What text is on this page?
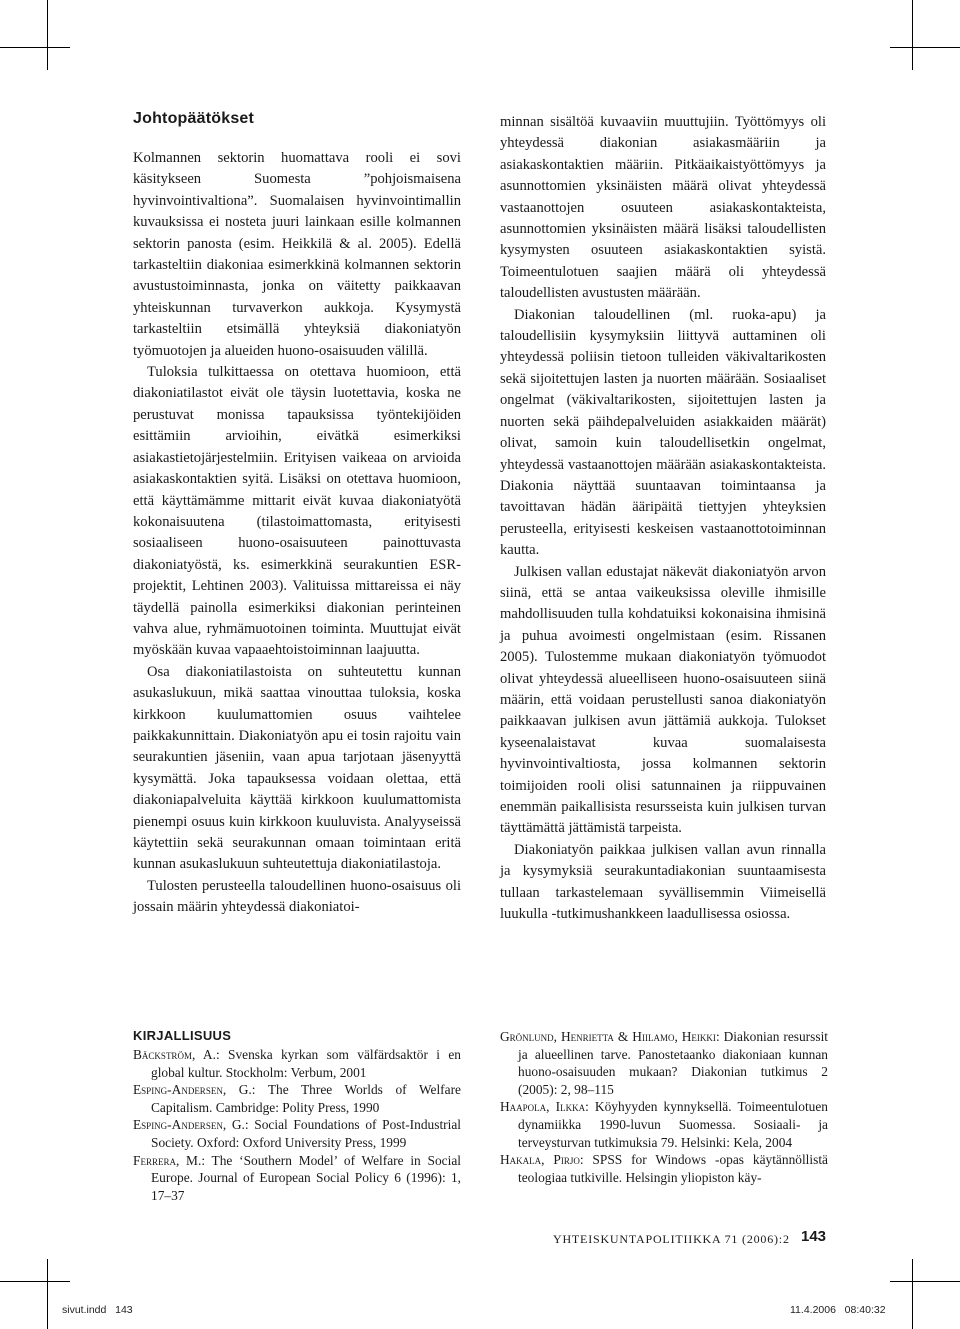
Johtopäätökset

Kolmannen sektorin huomattava rooli ei sovi käsitykseen Suomesta ”pohjoismaisena hyvinvointivaltiona”. Suomalaisen hyvinvointimallin kuvauksissa ei nosteta juuri lainkaan esille kolmannen sektorin panosta (esim. Heikkilä & al. 2005). Edellä tarkasteltiin diakoniaa esimerkkinä kolmannen sektorin avustustoiminnasta, jonka on väitetty paikkaavan yhteiskunnan turvaverkon aukkoja. Kysymystä tarkasteltiin etsimällä yhteyksiä diakoniatyön työmuotojen ja alueiden huono-osaisuuden välillä.

Tuloksia tulkittaessa on otettava huomioon, että diakoniatilastot eivät ole täysin luotettavia, koska ne perustuvat monissa tapauksissa työntekijöiden esittämiin arvioihin, eivätkä esimerkiksi asiakastietojärjestelmiin. Erityisen vaikeaa on arvioida asiakaskontaktien syitä. Lisäksi on otettava huomioon, että käyttämämme mittarit eivät kuvaa diakoniatyötä kokonaisuutena (tilastoimattomasta, erityisesti sosiaaliseen huono-osaisuuteen painottuvasta diakoniatyöstä, ks. esimerkkinä seurakuntien ESR-projektit, Lehtinen 2003). Valituissa mittareissa ei näy täydellä painolla esimerkiksi diakonian perinteinen vahva alue, ryhmämuotoinen toiminta. Muuttujat eivät myöskään kuvaa vapaaehtoistoiminnan laajuutta.

Osa diakoniatilastoista on suhteutettu kunnan asukaslukuun, mikä saattaa vinouttaa tuloksia, koska kirkkoon kuulumattomien osuus vaihtelee paikkakunnittain. Diakoniatyön apu ei tosin rajoitu vain seurakuntien jäseniin, vaan apua tarjotaan jäsenyyttä kysymättä. Joka tapauksessa voidaan olettaa, että diakoniapalveluita käyttää kirkkoon kuulumattomista pienempi osuus kuin kirkkoon kuuluvista. Analyyseissä käytettiin sekä seurakunnan omaan toimintaan eritä kunnan asukaslukuun suhteutettuja diakoniatilastoja.

Tulosten perusteella taloudellinen huono-osaisuus oli jossain määrin yhteydessä diakoniatoi-

minnan sisältöä kuvaaviin muuttujiin. Työttömyys oli yhteydessä diakonian asiakasmääriin ja asiakaskontaktien määriin. Pitkäaikaistyöttömyys ja asunnottomien yksinäisten määrä olivat yhteydessä vastaanottojen osuuteen asiakaskontakteista, asunnottomien yksinäisten määrä lisäksi taloudellisten kysymysten osuuteen asiakaskontaktien syistä. Toimeentulotuen saajien määrä oli yhteydessä taloudellisten avustusten määrään.

Diakonian taloudellinen (ml. ruoka-apu) ja taloudellisiin kysymyksiin liittyvä auttaminen oli yhteydessä poliisin tietoon tulleiden väkivaltarikosten sekä sijoitettujen lasten ja nuorten määrään. Sosiaaliset ongelmat (väkivaltarikosten, sijoitettujen lasten ja nuorten sekä päihdepalveluiden asiakkaiden määrät) olivat, samoin kuin taloudellisetkin ongelmat, yhteydessä vastaanottojen määrään asiakaskontakteista. Diakonia näyttää suuntaavan toimintaansa ja tavoittavan hädän ääripäitä tiettyjen yhteyksien perusteella, erityisesti keskeisen vastaanottotoiminnan kautta.

Julkisen vallan edustajat näkevät diakoniatyön arvon siinä, että se antaa vaikeuksissa oleville ihmisille mahdollisuuden tulla kohdatuiksi kokonaisina ihmisinä ja puhua avoimesti ongelmistaan (esim. Rissanen 2005). Tulostemme mukaan diakoniatyön työmuodot olivat yhteydessä alueelliseen huono-osaisuuteen siinä määrin, että voidaan perustellusti sanoa diakoniatyön paikkaavan julkisen avun jättämiä aukkoja. Tulokset kyseenalaistavat kuvaa suomalaisesta hyvinvointivaltiosta, jossa kolmannen sektorin toimijoiden rooli olisi satunnainen ja riippuvainen enemmän paikallisista resursseista kuin julkisen turvan täyttämättä jättämistä tarpeista.

Diakoniatyön paikkaa julkisen vallan avun rinnalla ja kysymyksiä seurakuntadiakonian suuntaamisesta tullaan tarkastelemaan syvällisemmin Viimeisellä luukulla -tutkimushankkeen laadullisessa osiossa.

KIRJALLISUUS

Bäckström, A.: Svenska kyrkan som välfärdsaktör i en global kultur. Stockholm: Verbum, 2001

Esping-Andersen, G.: The Three Worlds of Welfare Capitalism. Cambridge: Polity Press, 1990

Esping-Andersen, G.: Social Foundations of Post-Industrial Society. Oxford: Oxford University Press, 1999

Ferrera, M.: The ‘Southern Model’ of Welfare in Social Europe. Journal of European Social Policy 6 (1996): 1, 17–37

Grönlund, Henrietta & Hiilamo, Heikki: Diakonian resurssit ja alueellinen tarve. Panostetaanko diakoniaan kunnan huono-osaisuuden mukaan? Diakonian tutkimus 2 (2005): 2, 98–115

Haapola, Ilkka: Köyhyyden kynnyksellä. Toimeentulotuen dynamiikka 1990-luvun Suomessa. Sosiaali- ja terveysturvan tutkimuksia 79. Helsinki: Kela, 2004

Hakala, Pirjo: SPSS for Windows -opas käytännöllistä teologiaa tutkiville. Helsingin yliopiston käy-

YHTEISKUNTAPOLITIIKKA 71 (2006):2 143
sivut.indd   143	11.4.2006   08:40:32
